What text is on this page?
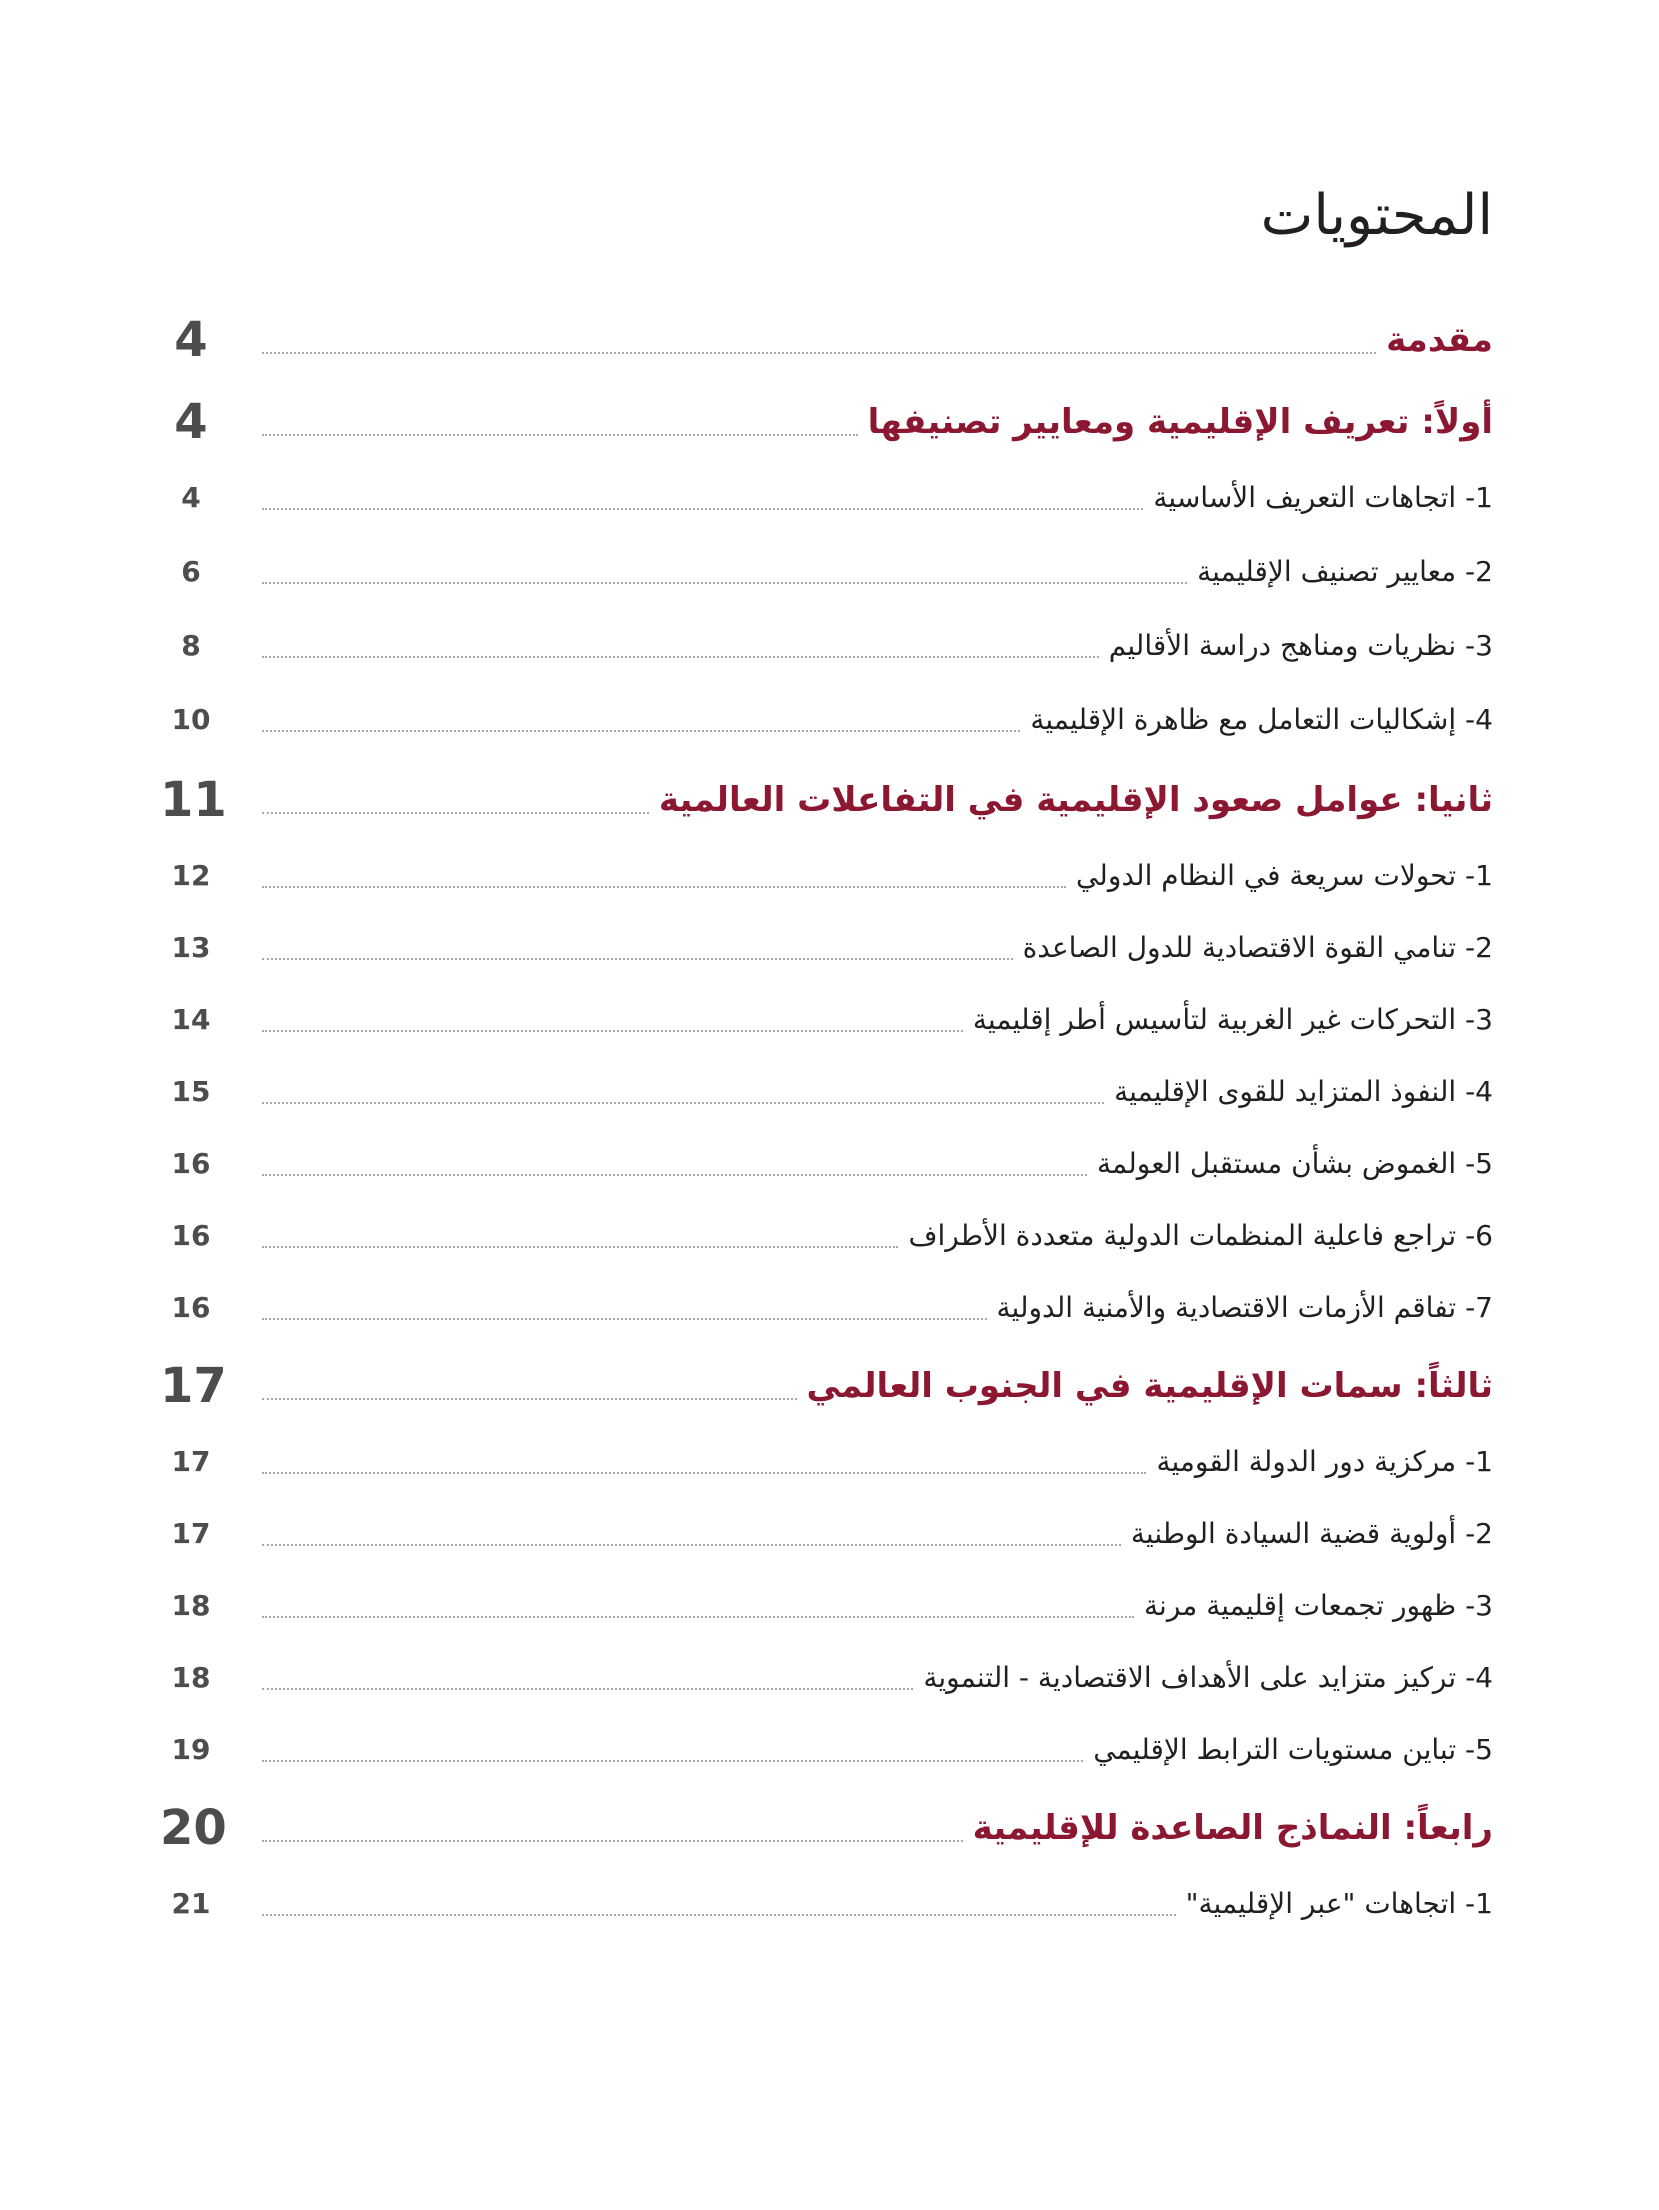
المحتويات
4	مقدمة
4	أولاً: تعريف الإقليمية ومعايير تصنيفها
4	1- اتجاهات التعريف الأساسية
6	2- معايير تصنيف الإقليمية
8	3- نظريات ومناهج دراسة الأقاليم
10	4- إشكاليات التعامل مع ظاهرة الإقليمية
11	ثانيا: عوامل صعود الإقليمية في التفاعلات العالمية
12	1- تحولات سريعة في النظام الدولي
13	2- تنامي القوة الاقتصادية للدول الصاعدة
14	3- التحركات غير الغربية لتأسيس أطر إقليمية
15	4- النفوذ المتزايد للقوى الإقليمية
16	5- الغموض بشأن مستقبل العولمة
16	6- تراجع فاعلية المنظمات الدولية متعددة الأطراف
16	7- تفاقم الأزمات الاقتصادية والأمنية الدولية
17	ثالثاً: سمات الإقليمية في الجنوب العالمي
17	1- مركزية دور الدولة القومية
17	2- أولوية قضية السيادة الوطنية
18	3- ظهور تجمعات إقليمية مرنة
18	4- تركيز متزايد على الأهداف الاقتصادية - التنموية
19	5- تباين مستويات الترابط الإقليمي
20	رابعاً: النماذج الصاعدة للإقليمية
21	1- اتجاهات "عبر الإقليمية"
